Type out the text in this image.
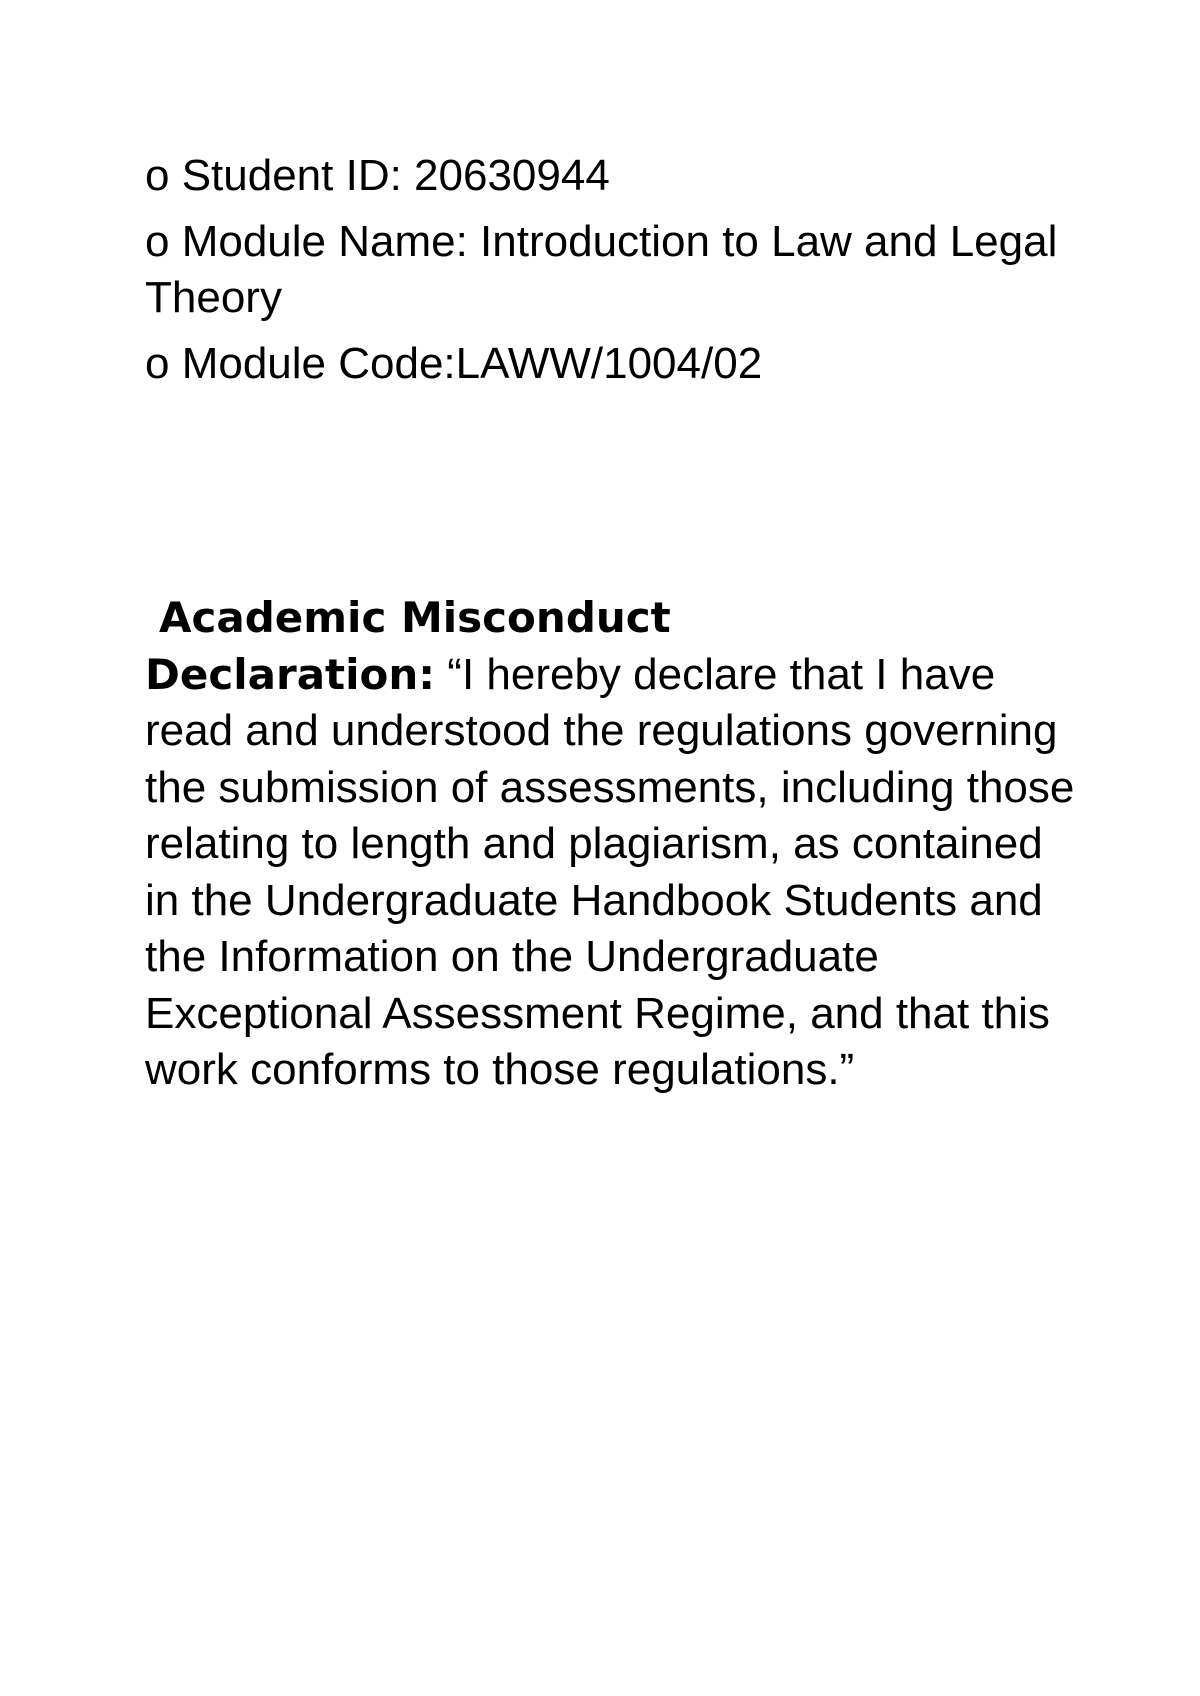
o Student ID: 20630944
o Module Name: Introduction to Law and Legal Theory
o Module Code:LAWW/1004/02

Academic Misconduct
Declaration: “I hereby declare that I have read and understood the regulations governing the submission of assessments, including those relating to length and plagiarism, as contained in the Undergraduate Handbook Students and the Information on the Undergraduate Exceptional Assessment Regime, and that this work conforms to those regulations.”
